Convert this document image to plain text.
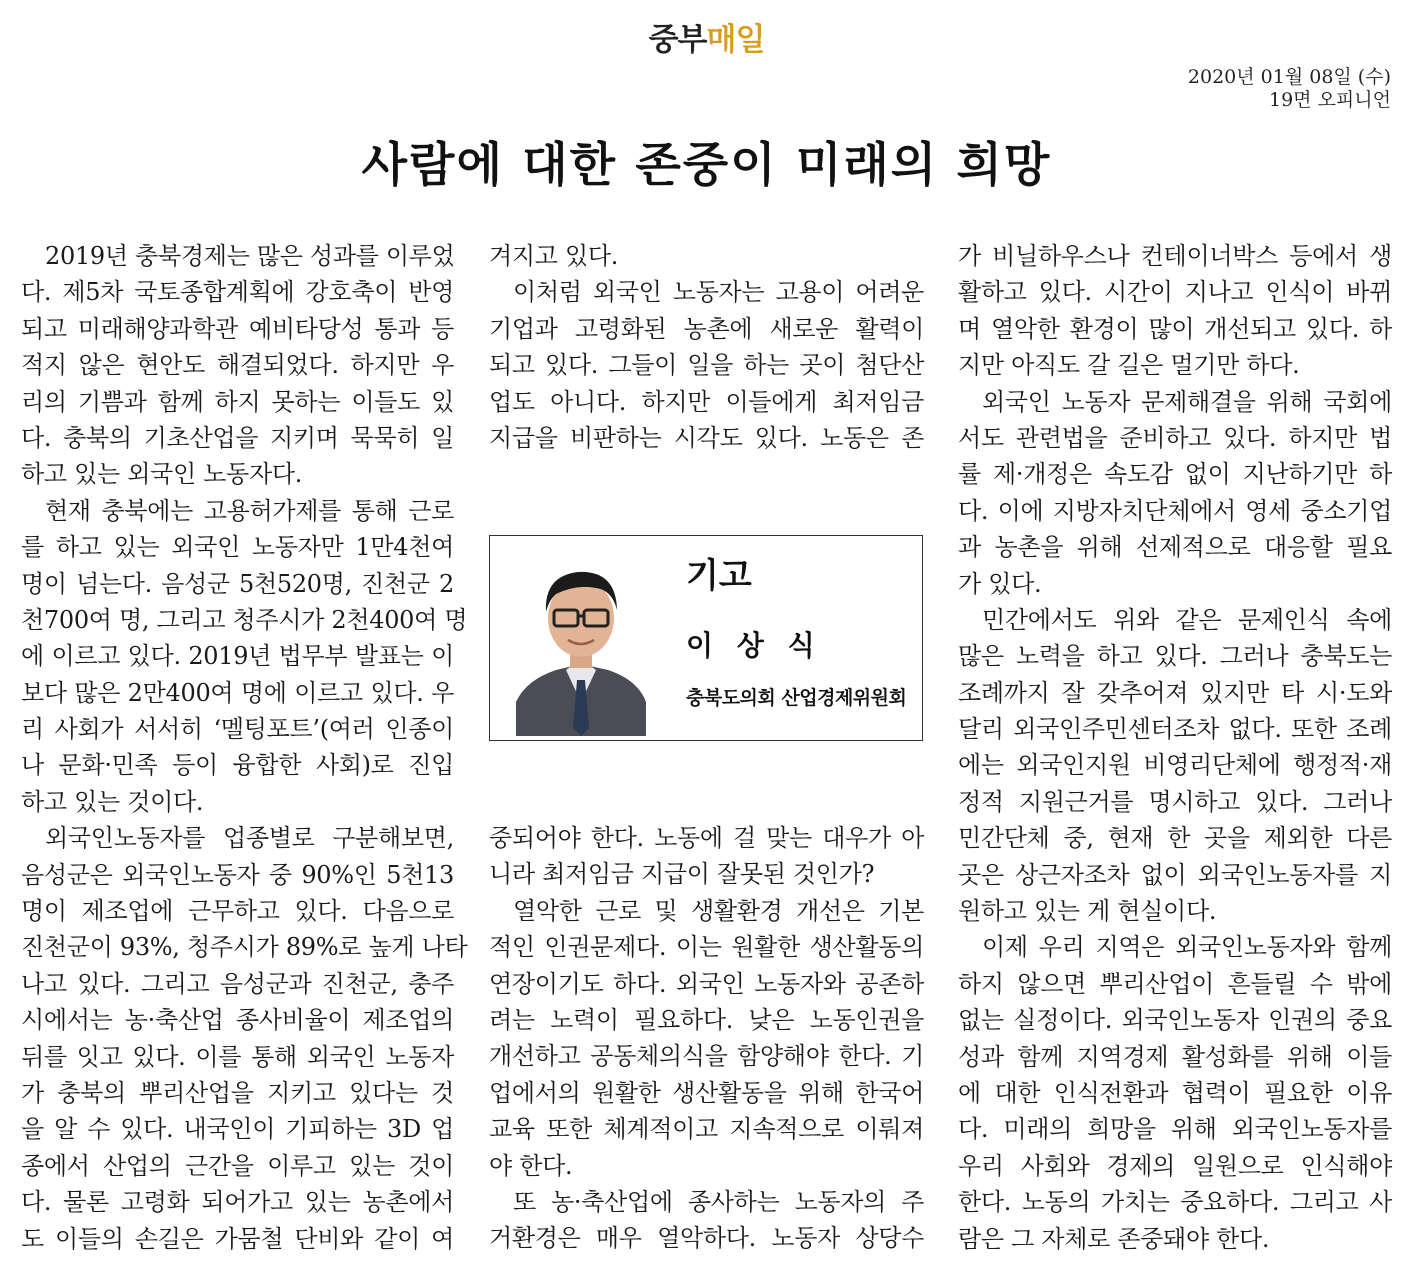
중부매일
2020년 01월 08일 (수)
19면 오피니언
사람에 대한 존중이 미래의 희망
2019년 충북경제는 많은 성과를 이루었
다. 제5차 국토종합계획에 강호축이 반영
되고 미래해양과학관 예비타당성 통과 등
적지 않은 현안도 해결되었다. 하지만 우
리의 기쁨과 함께 하지 못하는 이들도 있
다. 충북의 기초산업을 지키며 묵묵히 일
하고 있는 외국인 노동자다.
현재 충북에는 고용허가제를 통해 근로
를 하고 있는 외국인 노동자만 1만4천여
명이 넘는다. 음성군 5천520명, 진천군 2
천700여 명, 그리고 청주시가 2천400여 명
에 이르고 있다. 2019년 법무부 발표는 이
보다 많은 2만400여 명에 이르고 있다. 우
리 사회가 서서히 ‘멜팅포트’(여러 인종이
나 문화·민족 등이 융합한 사회)로 진입
하고 있는 것이다.
외국인노동자를 업종별로 구분해보면,
음성군은 외국인노동자 중 90%인 5천13
명이 제조업에 근무하고 있다. 다음으로
진천군이 93%, 청주시가 89%로 높게 나타
나고 있다. 그리고 음성군과 진천군, 충주
시에서는 농·축산업 종사비율이 제조업의
뒤를 잇고 있다. 이를 통해 외국인 노동자
가 충북의 뿌리산업을 지키고 있다는 것
을 알 수 있다. 내국인이 기피하는 3D 업
종에서 산업의 근간을 이루고 있는 것이
다. 물론 고령화 되어가고 있는 농촌에서
도 이들의 손길은 가뭄철 단비와 같이 여
겨지고 있다.
이처럼 외국인 노동자는 고용이 어려운
기업과 고령화된 농촌에 새로운 활력이
되고 있다. 그들이 일을 하는 곳이 첨단산
업도 아니다. 하지만 이들에게 최저임금
지급을 비판하는 시각도 있다. 노동은 존
기고
이 상 식
충북도의회 산업경제위원회
중되어야 한다. 노동에 걸 맞는 대우가 아
니라 최저임금 지급이 잘못된 것인가?
열악한 근로 및 생활환경 개선은 기본
적인 인권문제다. 이는 원활한 생산활동의
연장이기도 하다. 외국인 노동자와 공존하
려는 노력이 필요하다. 낮은 노동인권을
개선하고 공동체의식을 함양해야 한다. 기
업에서의 원활한 생산활동을 위해 한국어
교육 또한 체계적이고 지속적으로 이뤄져
야 한다.
또 농·축산업에 종사하는 노동자의 주
거환경은 매우 열악하다. 노동자 상당수
가 비닐하우스나 컨테이너박스 등에서 생
활하고 있다. 시간이 지나고 인식이 바뀌
며 열악한 환경이 많이 개선되고 있다. 하
지만 아직도 갈 길은 멀기만 하다.
외국인 노동자 문제해결을 위해 국회에
서도 관련법을 준비하고 있다. 하지만 법
률 제·개정은 속도감 없이 지난하기만 하
다. 이에 지방자치단체에서 영세 중소기업
과 농촌을 위해 선제적으로 대응할 필요
가 있다.
민간에서도 위와 같은 문제인식 속에
많은 노력을 하고 있다. 그러나 충북도는
조례까지 잘 갖추어져 있지만 타 시·도와
달리 외국인주민센터조차 없다. 또한 조례
에는 외국인지원 비영리단체에 행정적·재
정적 지원근거를 명시하고 있다. 그러나
민간단체 중, 현재 한 곳을 제외한 다른
곳은 상근자조차 없이 외국인노동자를 지
원하고 있는 게 현실이다.
이제 우리 지역은 외국인노동자와 함께
하지 않으면 뿌리산업이 흔들릴 수 밖에
없는 실정이다. 외국인노동자 인권의 중요
성과 함께 지역경제 활성화를 위해 이들
에 대한 인식전환과 협력이 필요한 이유
다. 미래의 희망을 위해 외국인노동자를
우리 사회와 경제의 일원으로 인식해야
한다. 노동의 가치는 중요하다. 그리고 사
람은 그 자체로 존중돼야 한다.
